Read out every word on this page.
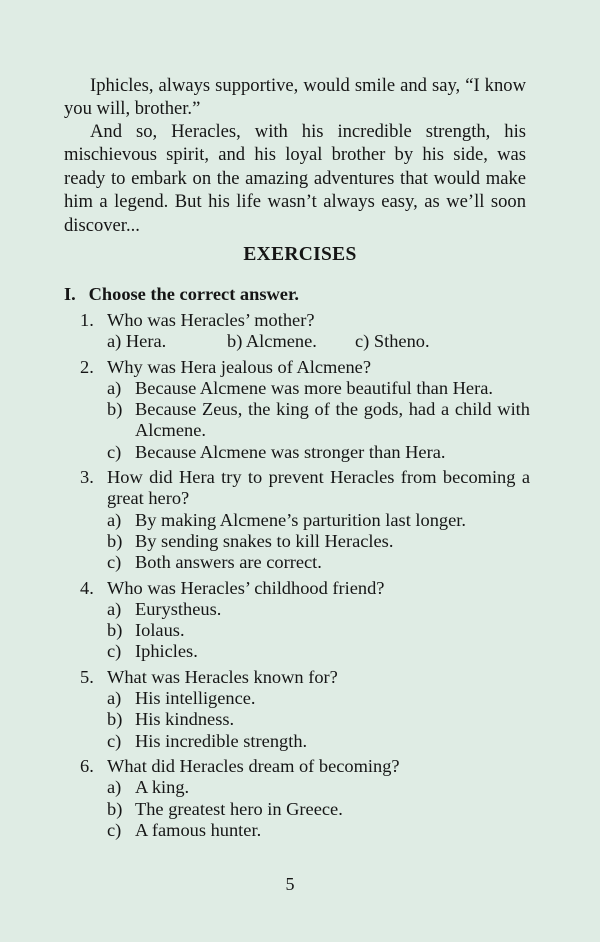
Iphicles, always supportive, would smile and say, “I know you will, brother.”

And so, Heracles, with his incredible strength, his mischievous spirit, and his loyal brother by his side, was ready to embark on the amazing adventures that would make him a legend. But his life wasn’t always easy, as we’ll soon discover...

EXERCISES
I. Choose the correct answer.
1. Who was Heracles’ mother?
a) Hera.	b) Alcmene.	c) Stheno.
2. Why was Hera jealous of Alcmene?
a) Because Alcmene was more beautiful than Hera.
b) Because Zeus, the king of the gods, had a child with Alcmene.
c) Because Alcmene was stronger than Hera.
3. How did Hera try to prevent Heracles from becoming a great hero?
a) By making Alcmene’s parturition last longer.
b) By sending snakes to kill Heracles.
c) Both answers are correct.
4. Who was Heracles’ childhood friend?
a) Eurystheus.
b) Iolaus.
c) Iphicles.
5. What was Heracles known for?
a) His intelligence.
b) His kindness.
c) His incredible strength.
6. What did Heracles dream of becoming?
a) A king.
b) The greatest hero in Greece.
c) A famous hunter.
5
